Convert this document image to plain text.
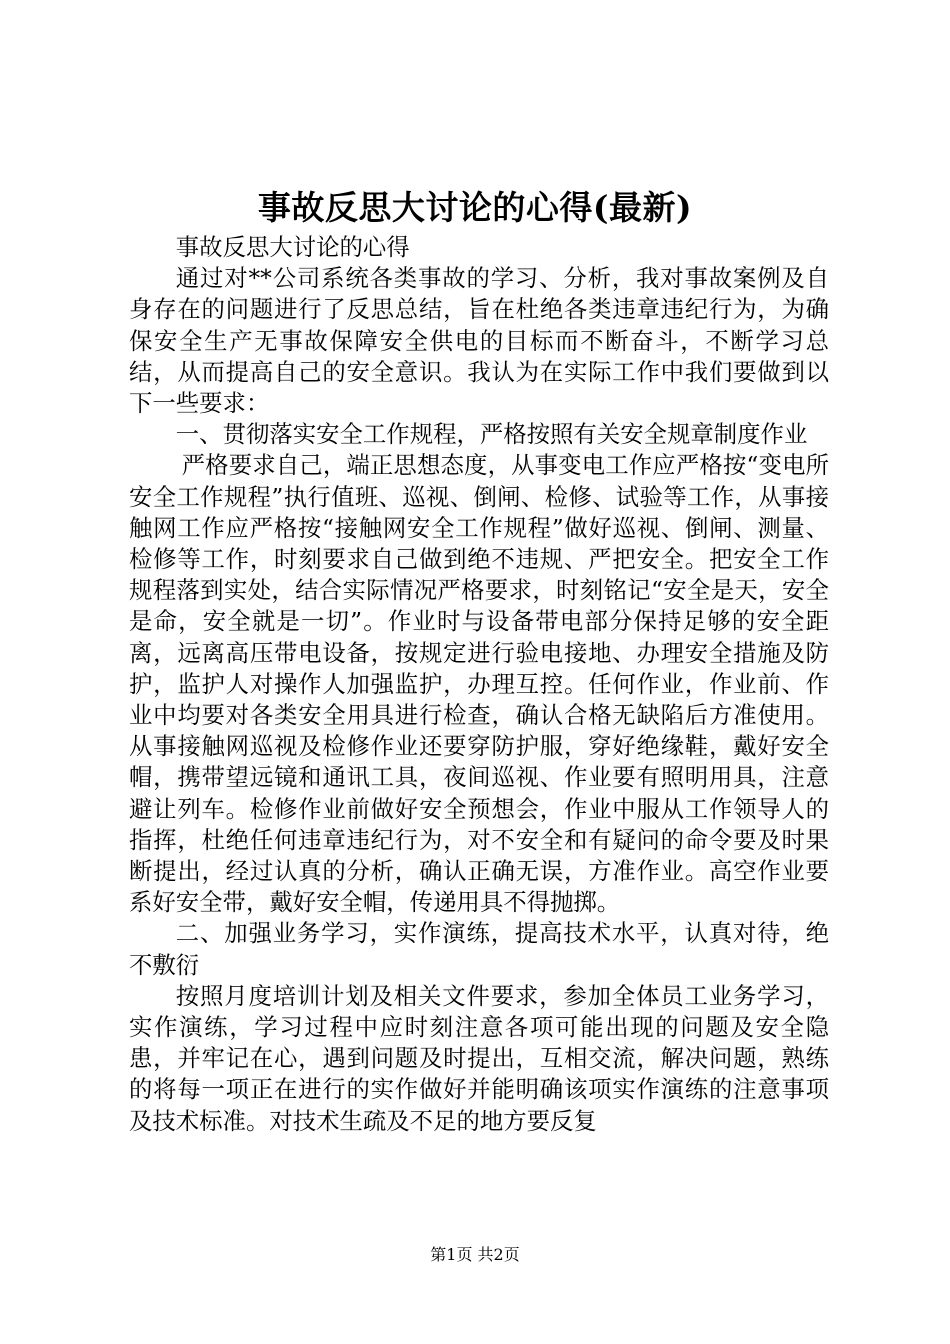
事故反思大讨论的心得(最新)

事故反思大讨论的心得

通过对**公司系统各类事故的学习、分析，我对事故案例及自身存在的问题进行了反思总结，旨在杜绝各类违章违纪行为，为确保安全生产无事故保障安全供电的目标而不断奋斗，不断学习总结，从而提高自己的安全意识。我认为在实际工作中我们要做到以下一些要求：

一、贯彻落实安全工作规程，严格按照有关安全规章制度作业

严格要求自己，端正思想态度，从事变电工作应严格按“变电所安全工作规程”执行值班、巡视、倒闸、检修、试验等工作，从事接触网工作应严格按“接触网安全工作规程”做好巡视、倒闸、测量、检修等工作，时刻要求自己做到绝不违规、严把安全。把安全工作规程落到实处，结合实际情况严格要求，时刻铭记“安全是天，安全是命，安全就是一切”。作业时与设备带电部分保持足够的安全距离，远离高压带电设备，按规定进行验电接地、办理安全措施及防护，监护人对操作人加强监护，办理互控。任何作业，作业前、作业中均要对各类安全用具进行检查，确认合格无缺陷后方准使用。从事接触网巡视及检修作业还要穿防护服，穿好绝缘鞋，戴好安全帽，携带望远镜和通讯工具，夜间巡视、作业要有照明用具，注意避让列车。检修作业前做好安全预想会，作业中服从工作领导人的指挥，杜绝任何违章违纪行为，对不安全和有疑问的命令要及时果断提出，经过认真的分析，确认正确无误，方准作业。高空作业要系好安全带，戴好安全帽，传递用具不得抛掷。

二、加强业务学习，实作演练，提高技术水平，认真对待，绝不敷衍

按照月度培训计划及相关文件要求，参加全体员工业务学习，实作演练，学习过程中应时刻注意各项可能出现的问题及安全隐患，并牢记在心，遇到问题及时提出，互相交流，解决问题，熟练的将每一项正在进行的实作做好并能明确该项实作演练的注意事项及技术标准。对技术生疏及不足的地方要反复

第1页 共2页
